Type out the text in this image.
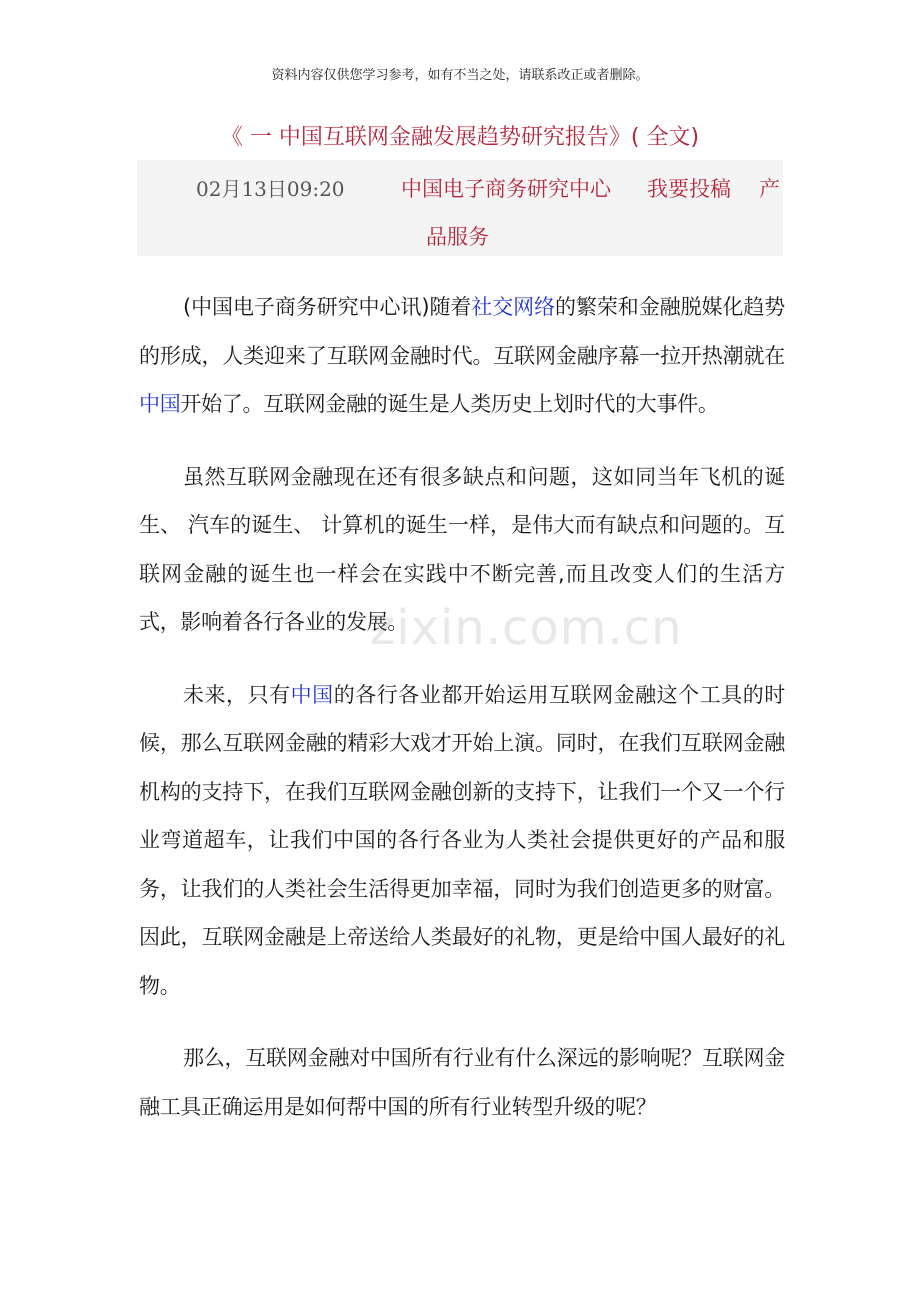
资料内容仅供您学习参考，如有不当之处，请联系改正或者删除。
《 一 中国互联网金融发展趋势研究报告》( 全文)
02月13日09:20	中国电子商务研究中心 我要投稿 产
品服务

(中国电子商务研究中心讯)随着社交网络的繁荣和金融脱媒化趋势的形成，人类迎来了互联网金融时代。互联网金融序幕一拉开热潮就在中国开始了。互联网金融的诞生是人类历史上划时代的大事件。

虽然互联网金融现在还有很多缺点和问题，这如同当年飞机的诞生、 汽车的诞生、 计算机的诞生一样，是伟大而有缺点和问题的。互联网金融的诞生也一样会在实践中不断完善,而且改变人们的生活方式，影响着各行各业的发展。

未来，只有中国的各行各业都开始运用互联网金融这个工具的时候，那么互联网金融的精彩大戏才开始上演。同时，在我们互联网金融机构的支持下，在我们互联网金融创新的支持下，让我们一个又一个行业弯道超车，让我们中国的各行各业为人类社会提供更好的产品和服务，让我们的人类社会生活得更加幸福，同时为我们创造更多的财富。因此，互联网金融是上帝送给人类最好的礼物，更是给中国人最好的礼物。

那么，互联网金融对中国所有行业有什么深远的影响呢？互联网金融工具正确运用是如何帮中国的所有行业转型升级的呢？

zixin.com.cn
